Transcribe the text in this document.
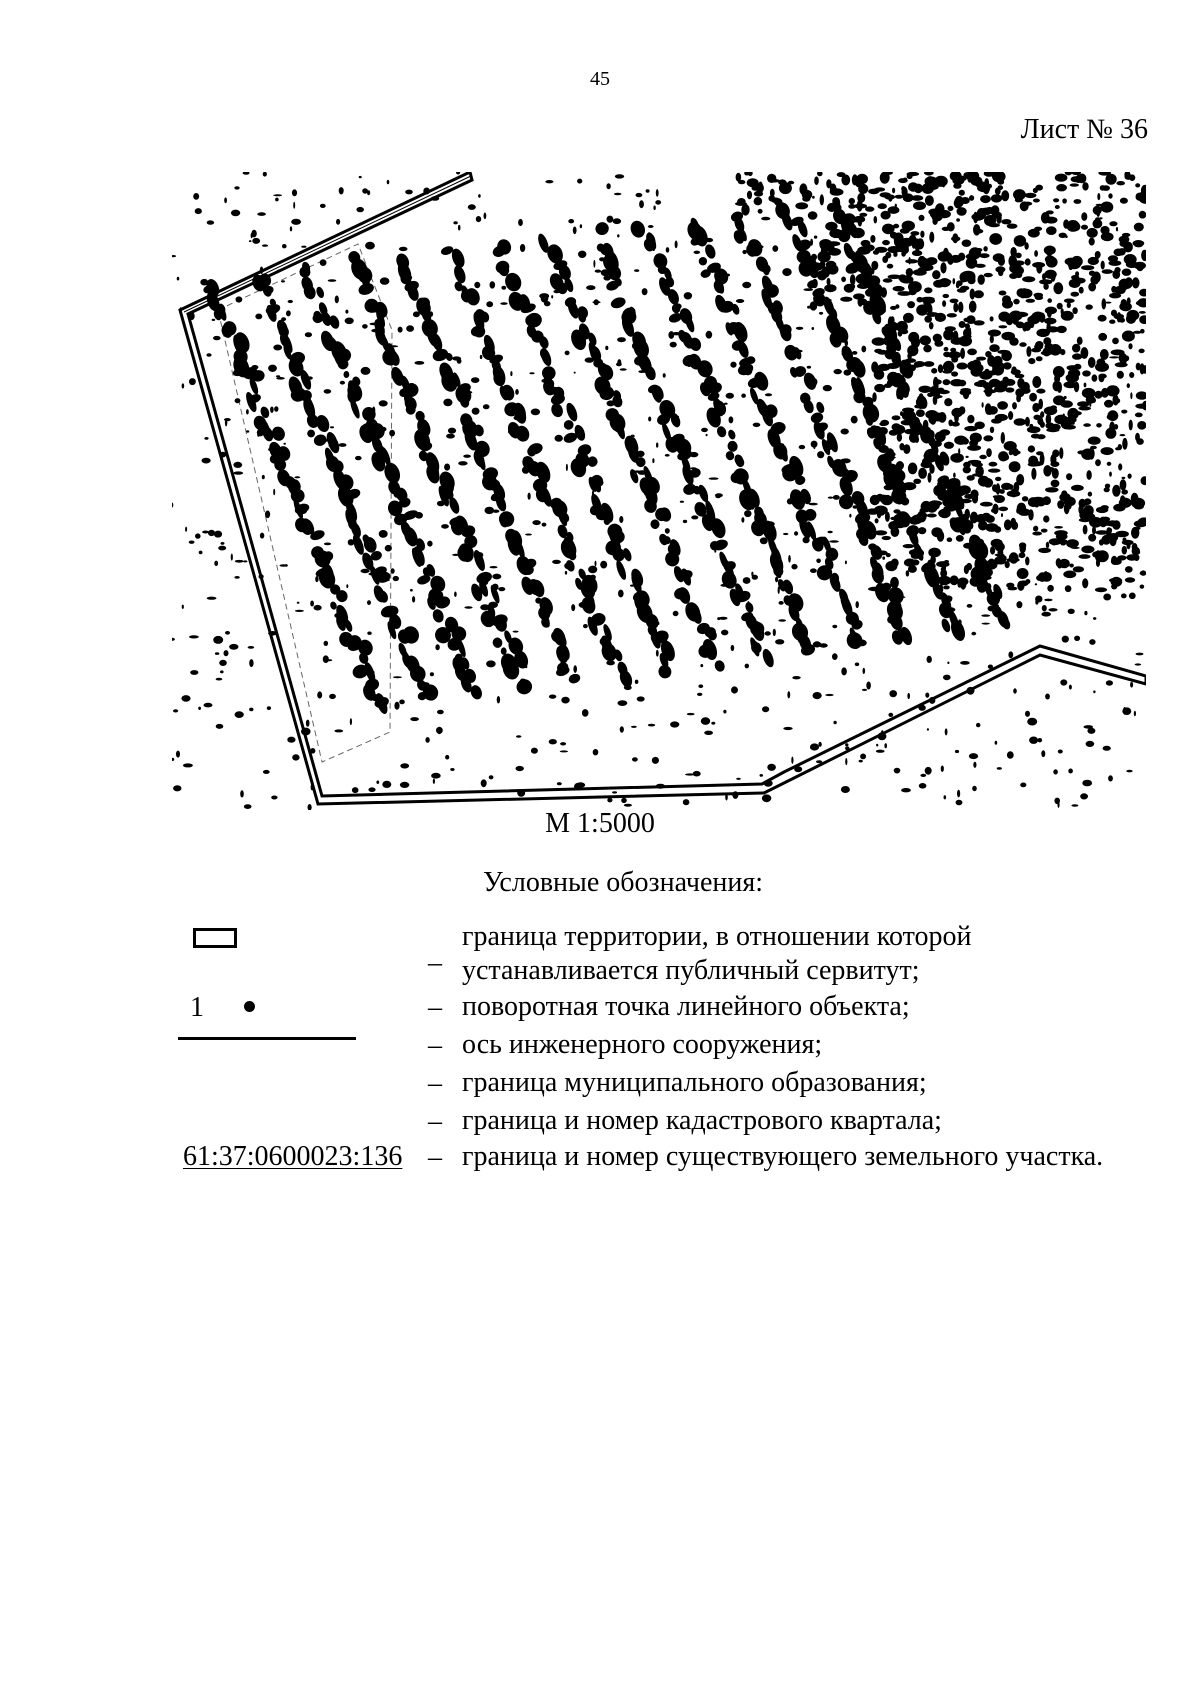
45
Лист № 36
М 1:5000
Условные обозначения:
1
61:37:0600023:136
_
граница территории, в отношении которой
устанавливается публичный сервитут;
– поворотная точка линейного объекта;
– ось инженерного сооружения;
– граница муниципального образования;
– граница и номер кадастрового квартала;
– граница и номер существующего земельного участка.
